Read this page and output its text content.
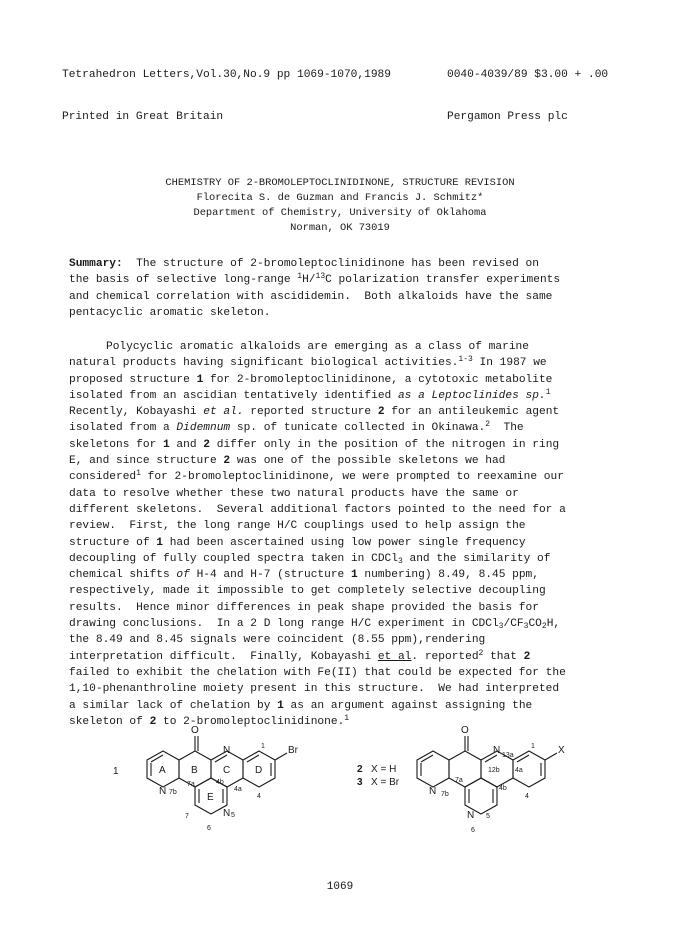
Tetrahedron Letters,Vol.30,No.9 pp 1069-1070,1989

Printed in Great Britain

0040-4039/89 $3.00 + .00

Pergamon Press plc

CHEMISTRY OF 2-BROMOLEPTOCLINIDINONE, STRUCTURE REVISION
Florecita S. de Guzman and Francis J. Schmitz*
Department of Chemistry, University of Oklahoma
Norman, OK 73019
Summary:  The structure of 2-bromoleptoclinidinone has been revised on
the basis of selective long-range $^1$H/$^{13}$C polarization transfer experiments
and chemical correlation with ascididemin.  Both alkaloids have the same
pentacyclic aromatic skeleton.
Polycyclic aromatic alkaloids are emerging as a class of marine
natural products having significant biological activities.$^{1-3}$ In 1987 we
proposed structure 1 for 2-bromoleptoclinidinone, a cytotoxic metabolite
isolated from an ascidian tentatively identified as a Leptoclinides sp.$^1$
Recently, Kobayashi et al. reported structure 2 for an antileukemic agent
isolated from a Didemnum sp. of tunicate collected in Okinawa.$^2$  The
skeletons for 1 and 2 differ only in the position of the nitrogen in ring
E, and since structure 2 was one of the possible skeletons we had
considered$^1$ for 2-bromoleptoclinidinone, we were prompted to reexamine our
data to resolve whether these two natural products have the same or
different skeletons.  Several additional factors pointed to the need for a
review.  First, the long range H/C couplings used to help assign the
structure of 1 had been ascertained using low power single frequency
decoupling of fully coupled spectra taken in CDCl$_3$ and the similarity of
chemical shifts of H-4 and H-7 (structure 1 numbering) 8.49, 8.45 ppm,
respectively, made it impossible to get completely selective decoupling
results.  Hence minor differences in peak shape provided the basis for
drawing conclusions.  In a 2 D long range H/C experiment in $CDCl_3/CF_3CO_2H$,
the 8.49 and 8.45 signals were coincident (8.55 ppm),rendering
interpretation difficult.  Finally, Kobayashi et al. reported$^2$ that 2
failed to exhibit the chelation with Fe(II) that could be expected for the
1,10-phenanthroline moiety present in this structure.  We had interpreted
a similar lack of chelation by 1 as an argument against assigning the
skeleton of 2 to 2-bromoleptoclinidinone.$^1$
1
O
Br
N
N
N
A	B	C D
E
1
4
4a
4b
5
6
7
7a
7b
2 X = H
3 X = Br
O
X
N
N
N
1
13a
12b 4a
4b
4
5
6
7a
7b
1069
